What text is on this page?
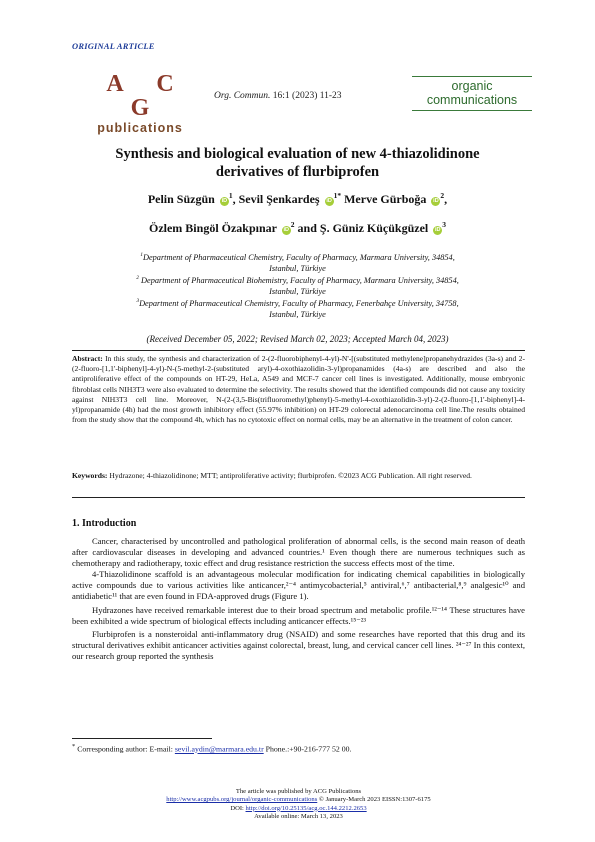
ORIGINAL ARTICLE
A C G
publications
Org. Commun. 16:1 (2023) 11-23
organic
communications
Synthesis and biological evaluation of new 4-thiazolidinone
derivatives of flurbiprofen
Pelin Süzgün $iD^1$, Sevil Şenkardeş $iD^{1*}$ Merve Gürboğa $iD^2$,
Özlem Bingöl Özakpınar $iD^2$ and Ş. Güniz Küçükgüzel $iD^3$
$^1$Department of Pharmaceutical Chemistry, Faculty of Pharmacy, Marmara University, 34854,
Istanbul, Türkiye
$^2$ Department of Pharmaceutical Biohemistry, Faculty of Pharmacy, Marmara University, 34854,
Istanbul, Türkiye
$^3$Department of Pharmaceutical Chemistry, Faculty of Pharmacy, Fenerbahçe University, 34758,
Istanbul, Türkiye
(Received December 05, 2022; Revised March 02, 2023; Accepted March 04, 2023)
Abstract: In this study, the synthesis and characterization of 2-(2-fluorobiphenyl-4-yl)-N'-[(substituted methylene]propanehydrazides (3a-s) and 2-(2-fluoro-[1,1'-biphenyl]-4-yl)-N-(5-methyl-2-(substituted aryl)-4-oxothiazolidin-3-yl)propanamides (4a-s) are described and also the antiproliferative effect of the compounds on HT-29, HeLa, A549 and MCF-7 cancer cell lines is investigated. Additionally, mouse embryonic fibroblast cells NIH3T3 were also evaluated to determine the selectivity. The results showed that the identified compounds did not cause any toxicity against NIH3T3 cell line. Moreover, N-(2-(3,5-Bis(trifluoromethyl)phenyl)-5-methyl-4-oxothiazolidin-3-yl)-2-(2-fluoro-[1,1'-biphenyl]-4-yl)propanamide (4h) had the most growth inhibitory effect (55.97% inhibition) on HT-29 colorectal adenocarcinoma cell line.The results obtained from the study show that the compound 4h, which has no cytotoxic effect on normal cells, may be an alternative in the treatment of colon cancer.
Keywords: Hydrazone; 4-thiazolidinone; MTT; antiproliferative activity; flurbiprofen. ©2023 ACG Publication. All right reserved.
1. Introduction

Cancer, characterised by uncontrolled and pathological proliferation of abnormal cells, is the second main reason of death after cardiovascular diseases in developing and advanced countries.¹ Even though there are numerous techniques such as chemotherapy and radiotherapy, toxic effect and drug resistance restriction the success effects most of the time.

4-Thiazolidinone scaffold is an advantageous molecular modification for indicating chemical capabilities in biologically active compounds due to various activities like anticancer,²⁻⁴ antimycobacterial,⁵ antiviral,⁶,⁷ antibacterial,⁸,⁹ analgesic¹⁰ and antidiabetic¹¹ that are even found in FDA-approved drugs (Figure 1).

Hydrazones have received remarkable interest due to their broad spectrum and metabolic profile.¹²⁻¹⁴ These structures have been exhibited a wide spectrum of biological effects including anticancer effects.¹⁵⁻²³

Flurbiprofen is a nonsteroidal anti-inflammatory drug (NSAID) and some researches have reported that this drug and its structural derivatives exhibit anticancer activities against colorectal, breast, lung, and cervical cancer cell lines. ²⁴⁻²⁷ In this context, our research group reported the synthesis

* Corresponding author: E-mail: sevil.aydin@marmara.edu.tr Phone.:+90-216-777 52 00.
The article was published by ACG Publications
http://www.acgpubs.org/journal/organic-communications © January-March 2023 EISSN:1307-6175
DOI: http://doi.org/10.25135/acg.oc.144.2212.2653
Available online: March 13, 2023
